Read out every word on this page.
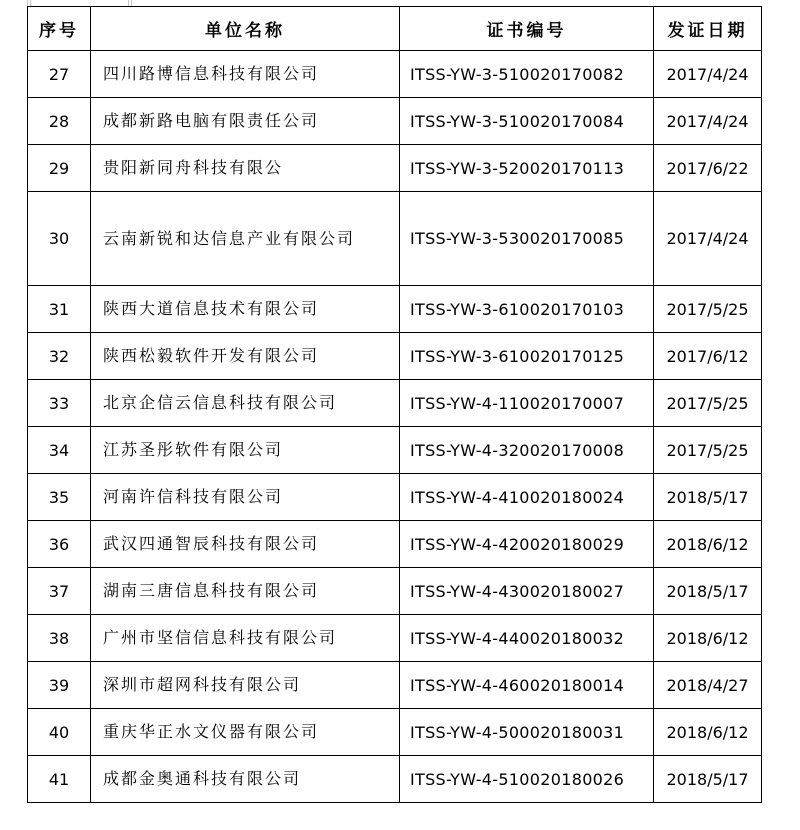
序号	单位名称	证书编号	发证日期
27	四川路博信息科技有限公司	ITSS-YW-3-510020170082	2017/4/24
28	成都新路电脑有限责任公司	ITSS-YW-3-510020170084	2017/4/24
29	贵阳新同舟科技有限公	ITSS-YW-3-520020170113	2017/6/22
30	云南新锐和达信息产业有限公司	ITSS-YW-3-530020170085	2017/4/24
31	陕西大道信息技术有限公司	ITSS-YW-3-610020170103	2017/5/25
32	陕西松毅软件开发有限公司	ITSS-YW-3-610020170125	2017/6/12
33	北京企信云信息科技有限公司	ITSS-YW-4-110020170007	2017/5/25
34	江苏圣彤软件有限公司	ITSS-YW-4-320020170008	2017/5/25
35	河南许信科技有限公司	ITSS-YW-4-410020180024	2018/5/17
36	武汉四通智辰科技有限公司	ITSS-YW-4-420020180029	2018/6/12
37	湖南三唐信息科技有限公司	ITSS-YW-4-430020180027	2018/5/17
38	广州市坚信信息科技有限公司	ITSS-YW-4-440020180032	2018/6/12
39	深圳市超网科技有限公司	ITSS-YW-4-460020180014	2018/4/27
40	重庆华正水文仪器有限公司	ITSS-YW-4-500020180031	2018/6/12
41	成都金奥通科技有限公司	ITSS-YW-4-510020180026	2018/5/17
